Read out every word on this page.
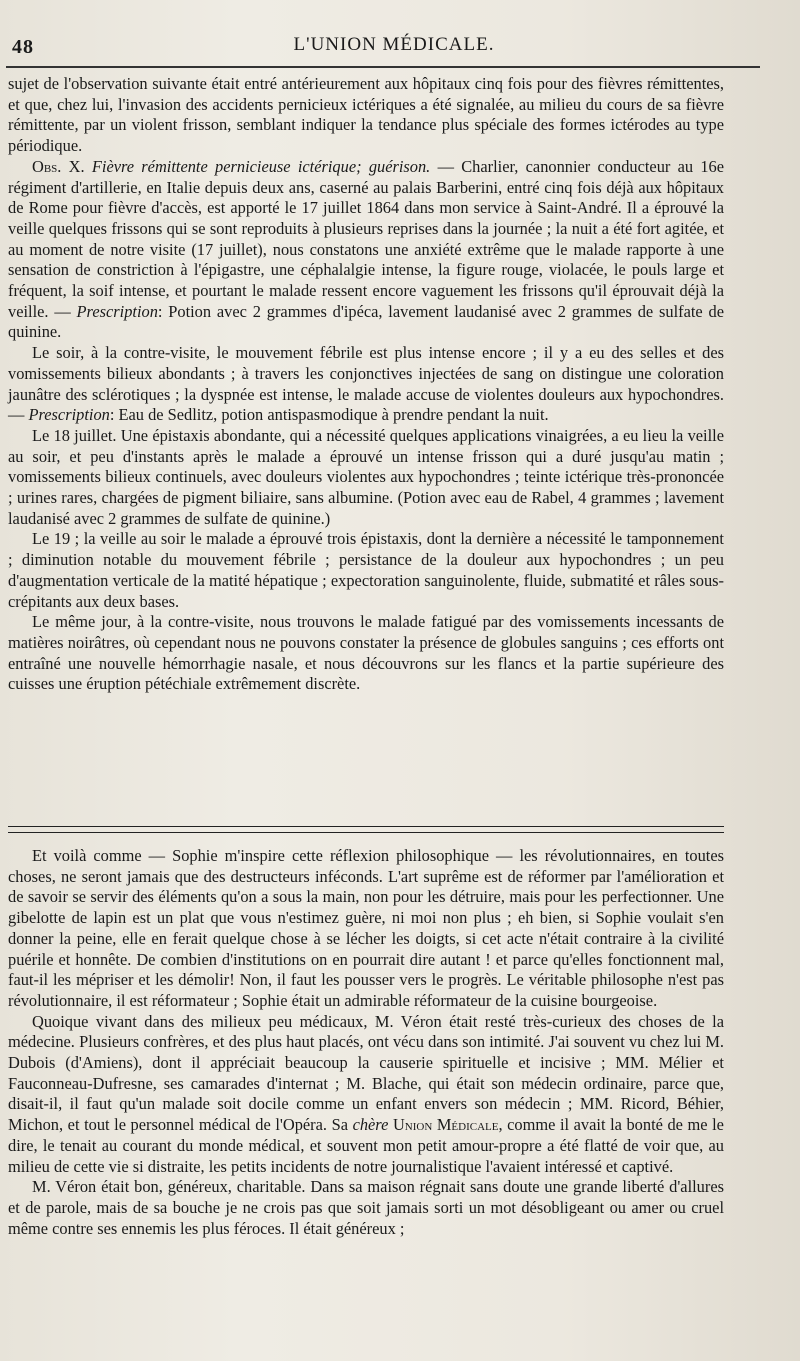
48	L'UNION MÉDICALE.

sujet de l'observation suivante était entré antérieurement aux hôpitaux cinq fois pour des fièvres rémittentes, et que, chez lui, l'invasion des accidents pernicieux ictériques a été signalée, au milieu du cours de sa fièvre rémittente, par un violent frisson, semblant indiquer la tendance plus spéciale des formes ictérodes au type périodique.

Obs. X. Fièvre rémittente pernicieuse ictérique; guérison. — Charlier, canonnier conducteur au 16e régiment d'artillerie, en Italie depuis deux ans, caserné au palais Barberini, entré cinq fois déjà aux hôpitaux de Rome pour fièvre d'accès, est apporté le 17 juillet 1864 dans mon service à Saint-André. Il a éprouvé la veille quelques frissons qui se sont reproduits à plusieurs reprises dans la journée ; la nuit a été fort agitée, et au moment de notre visite (17 juillet), nous constatons une anxiété extrême que le malade rapporte à une sensation de constriction à l'épigastre, une céphalalgie intense, la figure rouge, violacée, le pouls large et fréquent, la soif intense, et pourtant le malade ressent encore vaguement les frissons qu'il éprouvait déjà la veille. — Prescription: Potion avec 2 grammes d'ipéca, lavement laudanisé avec 2 grammes de sulfate de quinine.

Le soir, à la contre-visite, le mouvement fébrile est plus intense encore ; il y a eu des selles et des vomissements bilieux abondants ; à travers les conjonctives injectées de sang on distingue une coloration jaunâtre des sclérotiques ; la dyspnée est intense, le malade accuse de violentes douleurs aux hypochondres. — Prescription: Eau de Sedlitz, potion antispasmodique à prendre pendant la nuit.

Le 18 juillet. Une épistaxis abondante, qui a nécessité quelques applications vinaigrées, a eu lieu la veille au soir, et peu d'instants après le malade a éprouvé un intense frisson qui a duré jusqu'au matin ; vomissements bilieux continuels, avec douleurs violentes aux hypochondres ; teinte ictérique très-prononcée ; urines rares, chargées de pigment biliaire, sans albumine. (Potion avec eau de Rabel, 4 grammes ; lavement laudanisé avec 2 grammes de sulfate de quinine.)

Le 19 ; la veille au soir le malade a éprouvé trois épistaxis, dont la dernière a nécessité le tamponnement ; diminution notable du mouvement fébrile ; persistance de la douleur aux hypochondres ; un peu d'augmentation verticale de la matité hépatique ; expectoration sanguinolente, fluide, submatité et râles sous-crépitants aux deux bases.

Le même jour, à la contre-visite, nous trouvons le malade fatigué par des vomissements incessants de matières noirâtres, où cependant nous ne pouvons constater la présence de globules sanguins ; ces efforts ont entraîné une nouvelle hémorrhagie nasale, et nous découvrons sur les flancs et la partie supérieure des cuisses une éruption pétéchiale extrêmement discrète.

Et voilà comme — Sophie m'inspire cette réflexion philosophique — les révolutionnaires, en toutes choses, ne seront jamais que des destructeurs inféconds. L'art suprême est de réformer par l'amélioration et de savoir se servir des éléments qu'on a sous la main, non pour les détruire, mais pour les perfectionner. Une gibelotte de lapin est un plat que vous n'estimez guère, ni moi non plus ; eh bien, si Sophie voulait s'en donner la peine, elle en ferait quelque chose à se lécher les doigts, si cet acte n'était contraire à la civilité puérile et honnête. De combien d'institutions on en pourrait dire autant ! et parce qu'elles fonctionnent mal, faut-il les mépriser et les démolir! Non, il faut les pousser vers le progrès. Le véritable philosophe n'est pas révolutionnaire, il est réformateur ; Sophie était un admirable réformateur de la cuisine bourgeoise.

Quoique vivant dans des milieux peu médicaux, M. Véron était resté très-curieux des choses de la médecine. Plusieurs confrères, et des plus haut placés, ont vécu dans son intimité. J'ai souvent vu chez lui M. Dubois (d'Amiens), dont il appréciait beaucoup la causerie spirituelle et incisive ; MM. Mélier et Fauconneau-Dufresne, ses camarades d'internat ; M. Blache, qui était son médecin ordinaire, parce que, disait-il, il faut qu'un malade soit docile comme un enfant envers son médecin ; MM. Ricord, Béhier, Michon, et tout le personnel médical de l'Opéra. Sa chère Union Médicale, comme il avait la bonté de me le dire, le tenait au courant du monde médical, et souvent mon petit amour-propre a été flatté de voir que, au milieu de cette vie si distraite, les petits incidents de notre journalistique l'avaient intéressé et captivé.

M. Véron était bon, généreux, charitable. Dans sa maison régnait sans doute une grande liberté d'allures et de parole, mais de sa bouche je ne crois pas que soit jamais sorti un mot désobligeant ou amer ou cruel même contre ses ennemis les plus féroces. Il était généreux ;
